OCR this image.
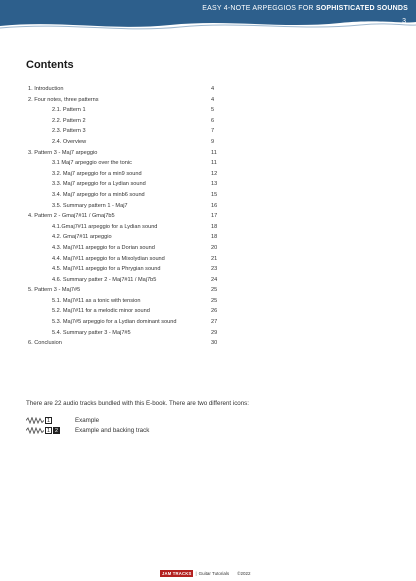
EASY 4-NOTE ARPEGGIOS FOR SOPHISTICATED SOUNDS
3
Contents
1. Introduction	4
2. Four notes, three patterns	4
2.1. Pattern 1	5
2.2. Pattern 2	6
2.3. Pattern 3	7
2.4. Overview	9
3. Pattern 3 - Maj7 arpeggio	11
3.1 Maj7 arpeggio over the tonic	11
3.2. Maj7 arpeggio for a min9 sound	12
3.3. Maj7 arpeggio for a Lydian sound	13
3.4. Maj7 arpeggio for a minb6 sound	15
3.5. Summary pattern 1 - Maj7	16
4. Pattern 2 - Gmaj7#11 / Gmaj7b5	17
4.1.Gmaj7#11 arpeggio for a Lydian sound	18
4.2. Gmaj7#11 arpeggio	18
4.3. Maj7#11 arpeggio for a Dorian sound	20
4.4. Maj7#11 arpeggio for a Mixolydian sound	21
4.5. Maj7#11 arpeggio for a Phrygian sound	23
4.6. Summary patter 2 - Maj7#11 / Maj7b5	24
5. Pattern 3 - Maj7#5	25
5.1. Maj7#11 as a tonic with tension	25
5.2. Maj7#11 for a melodic minor sound	26
5.3. Maj7#5 arpeggio for a Lydian dominant sound	27
5.4. Summary patter 3 - Maj7#5	29
6. Conclusion	30
There are 22 audio tracks bundled with this E-book. There are two different icons:
1	Example
1 2	Example and backing track
JAM TRACKS | Guitar Tutorials ©2022
